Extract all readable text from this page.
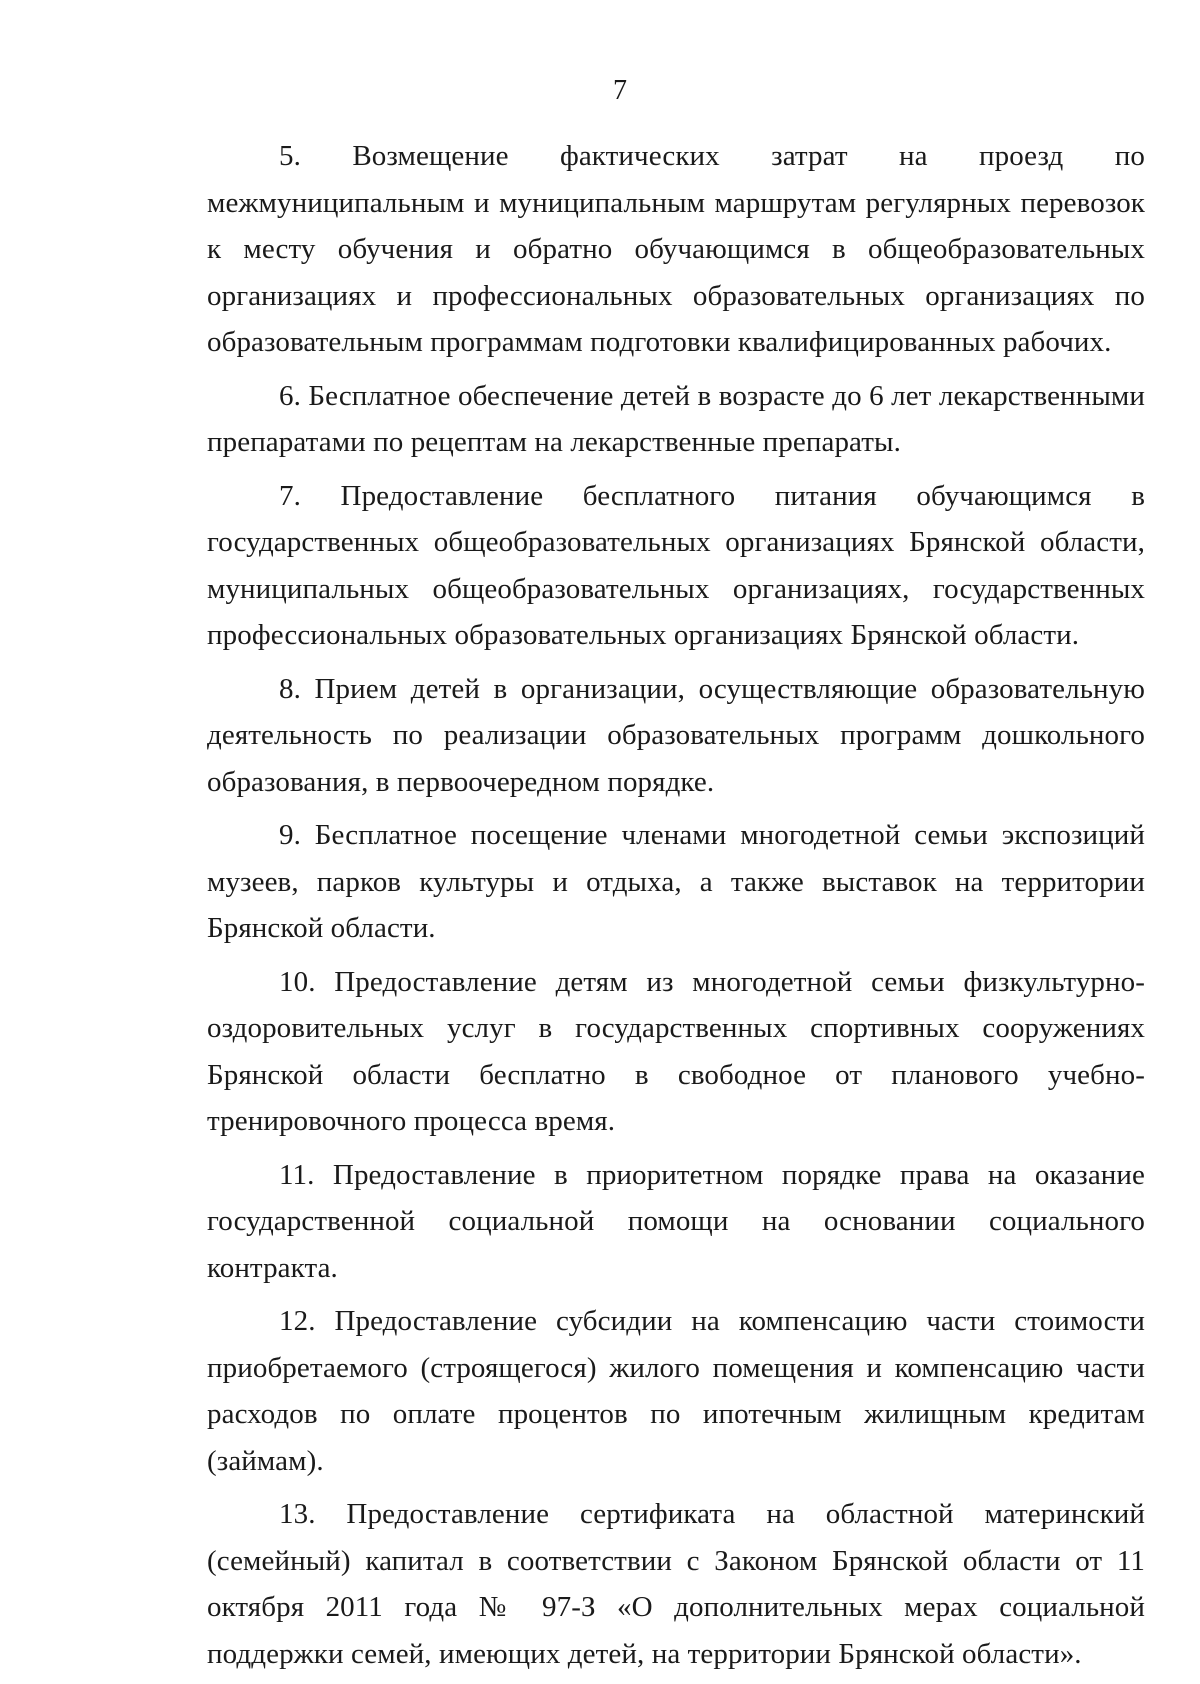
7

5. Возмещение фактических затрат на проезд по межмуниципальным и муниципальным маршрутам регулярных перевозок к месту обучения и обратно обучающимся в общеобразовательных организациях и профессиональных образовательных организациях по образовательным программам подготовки квалифицированных рабочих.

6. Бесплатное обеспечение детей в возрасте до 6 лет лекарственными препаратами по рецептам на лекарственные препараты.

7. Предоставление бесплатного питания обучающимся в государственных общеобразовательных организациях Брянской области, муниципальных общеобразовательных организациях, государственных профессиональных образовательных организациях Брянской области.

8. Прием детей в организации, осуществляющие образовательную деятельность по реализации образовательных программ дошкольного образования, в первоочередном порядке.

9. Бесплатное посещение членами многодетной семьи экспозиций музеев, парков культуры и отдыха, а также выставок на территории Брянской области.

10. Предоставление детям из многодетной семьи физкультурно-оздоровительных услуг в государственных спортивных сооружениях Брянской области бесплатно в свободное от планового учебно-тренировочного процесса время.

11. Предоставление в приоритетном порядке права на оказание государственной социальной помощи на основании социального контракта.

12. Предоставление субсидии на компенсацию части стоимости приобретаемого (строящегося) жилого помещения и компенсацию части расходов по оплате процентов по ипотечным жилищным кредитам (займам).

13. Предоставление сертификата на областной материнский (семейный) капитал в соответствии с Законом Брянской области от 11 октября 2011 года № 97-З «О дополнительных мерах социальной поддержки семей, имеющих детей, на территории Брянской области».
